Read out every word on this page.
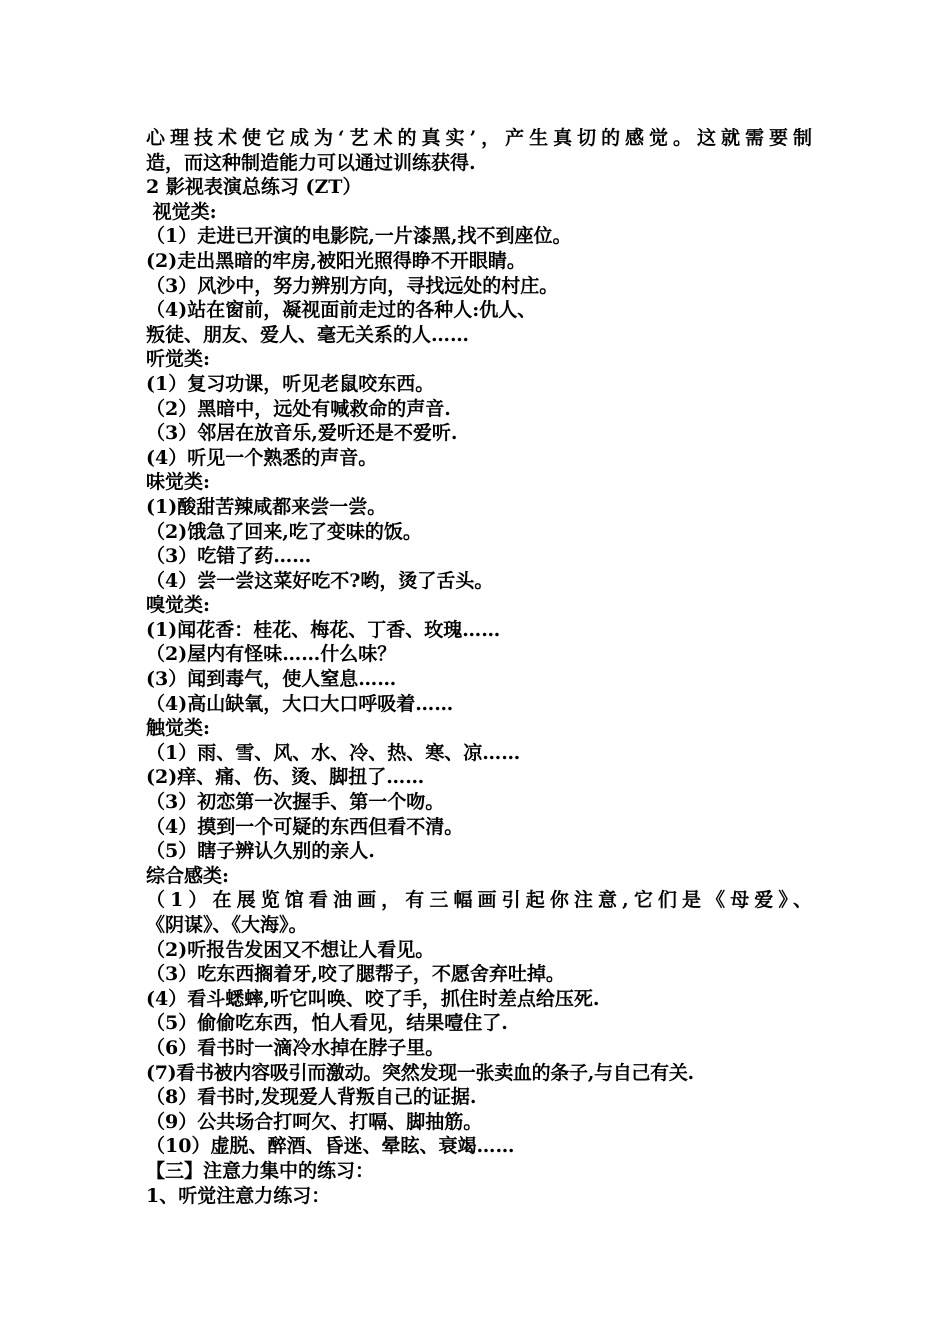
心理技术使它成为‘艺术的真实’，产生真切的感觉。这就需要制
造，而这种制造能力可以通过训练获得.
2 影视表演总练习 (ZT）
视觉类:
（1）走进已开演的电影院,一片漆黑,找不到座位。
(2)走出黑暗的牢房,被阳光照得睁不开眼睛。
（3）风沙中，努力辨别方向，寻找远处的村庄。
（4)站在窗前，凝视面前走过的各种人:仇人、
叛徒、朋友、爱人、毫无关系的人……
听觉类:
(1）复习功课，听见老鼠咬东西。
（2）黑暗中，远处有喊救命的声音.
（3）邻居在放音乐,爱听还是不爱听.
(4）听见一个熟悉的声音。
味觉类:
(1)酸甜苦辣咸都来尝一尝。
（2)饿急了回来,吃了变味的饭。
（3）吃错了药……
（4）尝一尝这菜好吃不?哟，烫了舌头。
嗅觉类:
(1)闻花香：桂花、梅花、丁香、玫瑰……
（2)屋内有怪味……什么味？
(3）闻到毒气，使人窒息……
（4)高山缺氧，大口大口呼吸着……
触觉类:
（1）雨、雪、风、水、冷、热、寒、凉……
(2)痒、痛、伤、烫、脚扭了……
（3）初恋第一次握手、第一个吻。
（4）摸到一个可疑的东西但看不清。
（5）瞎子辨认久别的亲人.
综合感类:
（1）在展览馆看油画，有三幅画引起你注意,它们是《母爱》、
《阴谋》、《大海》。
（2)听报告发困又不想让人看见。
（3）吃东西搁着牙,咬了腮帮子，不愿舍弃吐掉。
(4）看斗蟋蟀,听它叫唤、咬了手，抓住时差点给压死.
（5）偷偷吃东西，怕人看见，结果噎住了.
（6）看书时一滴冷水掉在脖子里。
(7)看书被内容吸引而激动。突然发现一张卖血的条子,与自己有关.
（8）看书时,发现爱人背叛自己的证据.
（9）公共场合打呵欠、打嗝、脚抽筋。
（10）虚脱、醉酒、昏迷、晕眩、衰竭……
【三】注意力集中的练习：
1、听觉注意力练习：
